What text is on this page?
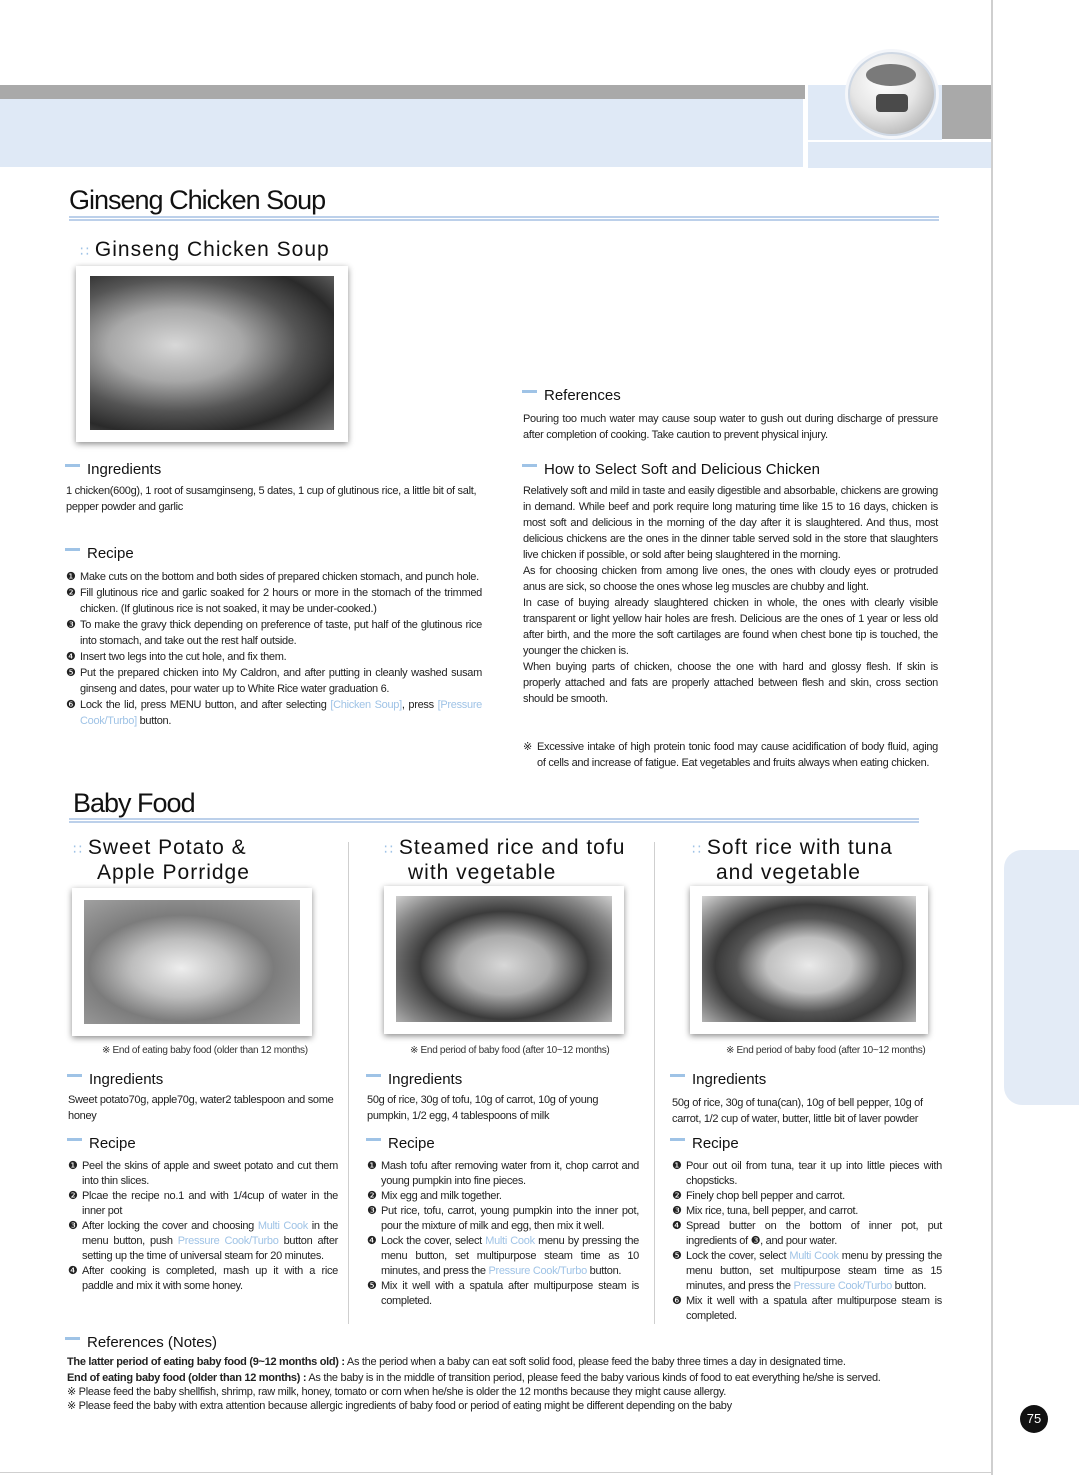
75
Ginseng Chicken Soup
∷ Ginseng Chicken Soup
Ingredients
1 chicken(600g), 1 root of susamginseng, 5 dates, 1 cup of glutinous rice, a little bit of salt, pepper powder and garlic
Recipe
❶ Make cuts on the bottom and both sides of prepared chicken stomach, and punch hole.
❷ Fill glutinous rice and garlic soaked for 2 hours or more in the stomach of the trimmed chicken. (If glutinous rice is not soaked, it may be under-cooked.)
❸ To make the gravy thick depending on preference of taste, put half of the glutinous rice into stomach, and take out the rest half outside.
❹ Insert two legs into the cut hole, and fix them.
❺ Put the prepared chicken into My Caldron, and after putting in cleanly washed susam ginseng and dates, pour water up to White Rice water graduation 6.
❻ Lock the lid, press MENU button, and after selecting [Chicken Soup], press [Pressure Cook/Turbo] button.
References
Pouring too much water may cause soup water to gush out during discharge of pressure after completion of cooking. Take caution to prevent physical injury.
How to Select Soft and Delicious Chicken

Relatively soft and mild in taste and easily digestible and absorbable, chickens are growing in demand. While beef and pork require long maturing time like 15 to 16 days, chicken is most soft and delicious in the morning of the day after it is slaughtered. And thus, most delicious chickens are the ones in the dinner table served sold in the store that slaughters live chicken if possible, or sold after being slaughtered in the morning.

As for choosing chicken from among live ones, the ones with cloudy eyes or protruded anus are sick, so choose the ones whose leg muscles are chubby and light.

In case of buying already slaughtered chicken in whole, the ones with clearly visible transparent or light yellow hair holes are fresh. Delicious are the ones of 1 year or less old after birth, and the more the soft cartilages are found when chest bone tip is touched, the younger the chicken is.

When buying parts of chicken, choose the one with hard and glossy flesh. If skin is properly attached and fats are properly attached between flesh and skin, cross section should be smooth.

※ Excessive intake of high protein tonic food may cause acidification of body fluid, aging of cells and increase of fatigue. Eat vegetables and fruits always when eating chicken.
Baby Food
∷ Sweet Potato &
Apple Porridge
※ End of eating baby food (older than 12 months)
Ingredients
Sweet potato70g, apple70g, water2 tablespoon and some honey
Recipe
❶ Peel the skins of apple and sweet potato and cut them into thin slices.
❷ Plcae the recipe no.1 and with 1/4cup of water in the inner pot
❸ After locking the cover and choosing Multi Cook in the menu button, push Pressure Cook/Turbo button after setting up the time of universal steam for 20 minutes.
❹ After cooking is completed, mash up it with a rice paddle and mix it with some honey.
∷ Steamed rice and tofu
with vegetable
※ End period of baby food (after 10~12 months)
Ingredients
50g of rice, 30g of tofu, 10g of carrot, 10g of young pumpkin, 1/2 egg, 4 tablespoons of milk
Recipe
❶ Mash tofu after removing water from it, chop carrot and young pumpkin into fine pieces.
❷ Mix egg and milk together.
❸ Put rice, tofu, carrot, young pumpkin into the inner pot, pour the mixture of milk and egg, then mix it well.
❹ Lock the cover, select Multi Cook menu by pressing the menu button, set multipurpose steam time as 10 minutes, and press the Pressure Cook/Turbo button.
❺ Mix it well with a spatula after multipurpose steam is completed.
∷ Soft rice with tuna
and vegetable
※ End period of baby food (after 10~12 months)
Ingredients
50g of rice, 30g of tuna(can), 10g of bell pepper, 10g of carrot, 1/2 cup of water, butter, little bit of laver powder
Recipe
❶ Pour out oil from tuna, tear it up into little pieces with chopsticks.
❷ Finely chop bell pepper and carrot.
❸ Mix rice, tuna, bell pepper, and carrot.
❹ Spread butter on the bottom of inner pot, put ingredients of ❸, and pour water.
❺ Lock the cover, select Multi Cook menu by pressing the menu button, set multipurpose steam time as 15 minutes, and press the Pressure Cook/Turbo button.
❻ Mix it well with a spatula after multipurpose steam is completed.
References (Notes)

The latter period of eating baby food (9~12 months old) : As the period when a baby can eat soft solid food, please feed the baby three times a day in designated time.

End of eating baby food (older than 12 months) : As the baby is in the middle of transition period, please feed the baby various kinds of food to eat everything he/she is served.

※ Please feed the baby shellfish, shrimp, raw milk, honey, tomato or corn when he/she is older the 12 months because they might cause allergy.

※ Please feed the baby with extra attention because allergic ingredients of baby food or period of eating might be different depending on the baby
